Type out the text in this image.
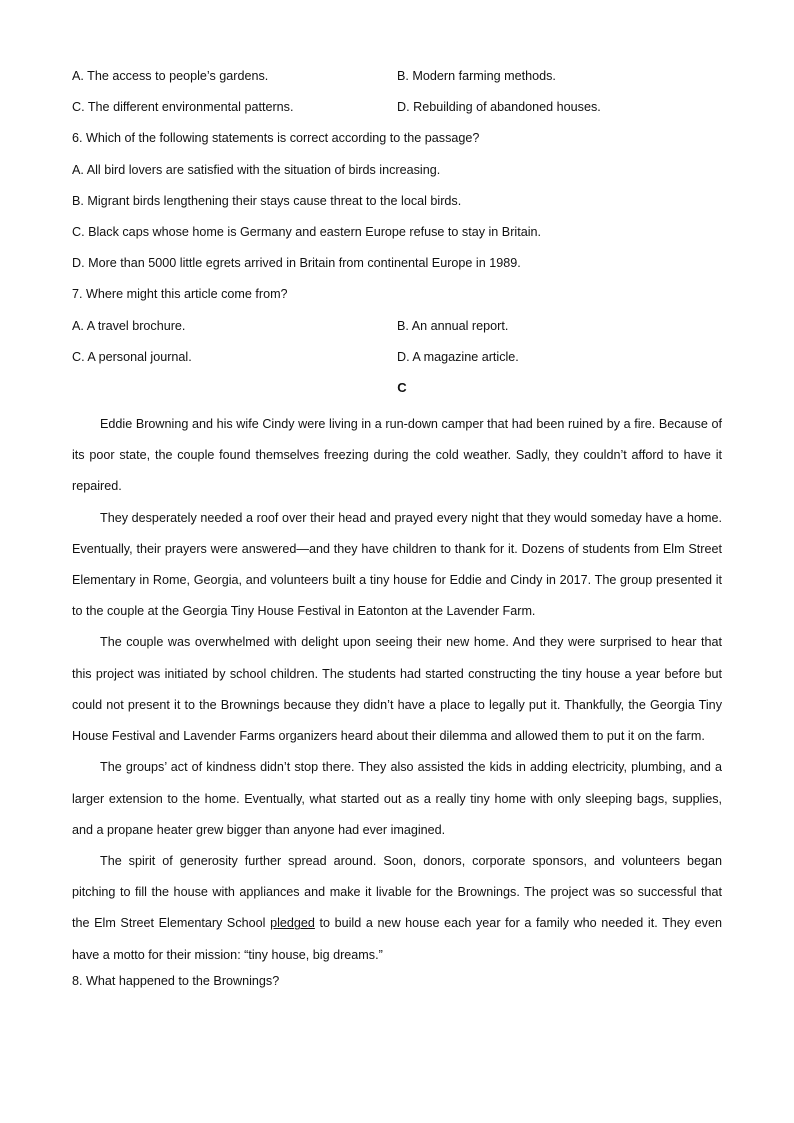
A. The access to people’s gardens.	B. Modern farming methods.
C. The different environmental patterns.	D. Rebuilding of abandoned houses.
6. Which of the following statements is correct according to the passage?
A. All bird lovers are satisfied with the situation of birds increasing.
B. Migrant birds lengthening their stays cause threat to the local birds.
C. Black caps whose home is Germany and eastern Europe refuse to stay in Britain.
D. More than 5000 little egrets arrived in Britain from continental Europe in 1989.
7. Where might this article come from?
A. A travel brochure.	B. An annual report.
C. A personal journal.	D. A magazine article.
C

Eddie Browning and his wife Cindy were living in a run-down camper that had been ruined by a fire. Because of its poor state, the couple found themselves freezing during the cold weather. Sadly, they couldn’t afford to have it repaired.

They desperately needed a roof over their head and prayed every night that they would someday have a home. Eventually, their prayers were answered—and they have children to thank for it. Dozens of students from Elm Street Elementary in Rome, Georgia, and volunteers built a tiny house for Eddie and Cindy in 2017. The group presented it to the couple at the Georgia Tiny House Festival in Eatonton at the Lavender Farm.

The couple was overwhelmed with delight upon seeing their new home. And they were surprised to hear that this project was initiated by school children. The students had started constructing the tiny house a year before but could not present it to the Brownings because they didn’t have a place to legally put it. Thankfully, the Georgia Tiny House Festival and Lavender Farms organizers heard about their dilemma and allowed them to put it on the farm.

The groups’ act of kindness didn’t stop there. They also assisted the kids in adding electricity, plumbing, and a larger extension to the home. Eventually, what started out as a really tiny home with only sleeping bags, supplies, and a propane heater grew bigger than anyone had ever imagined.

The spirit of generosity further spread around. Soon, donors, corporate sponsors, and volunteers began pitching to fill the house with appliances and make it livable for the Brownings. The project was so successful that the Elm Street Elementary School pledged to build a new house each year for a family who needed it. They even have a motto for their mission: “tiny house, big dreams.”

8. What happened to the Brownings?
